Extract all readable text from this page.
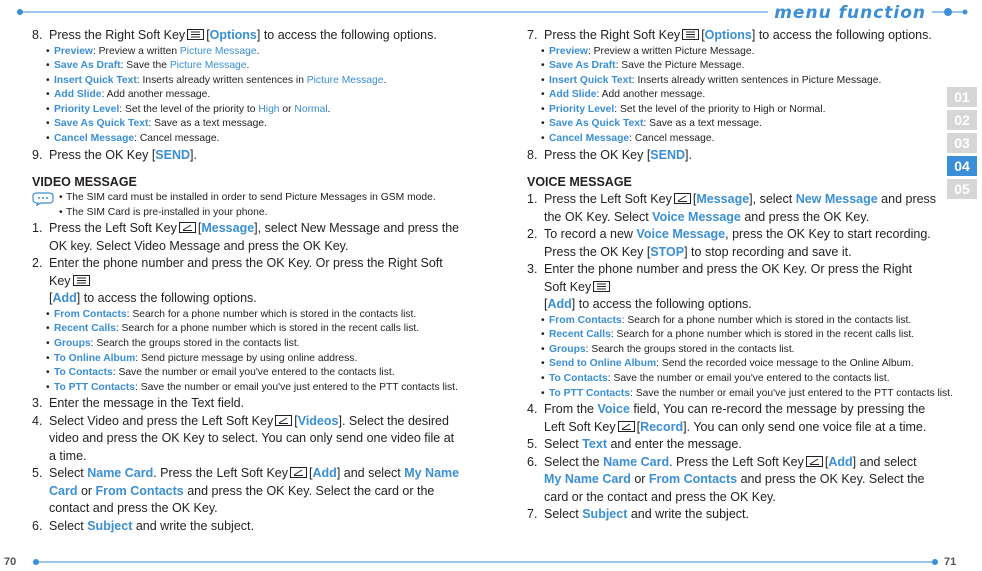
menu function
01
02
03
04
05
8. Press the Right Soft Key [Options] to access the following options.
• Preview: Preview a written Picture Message.
• Save As Draft: Save the Picture Message.
• Insert Quick Text: Inserts already written sentences in Picture Message.
• Add Slide: Add another message.
• Priority Level: Set the level of the priority to High or Normal.
• Save As Quick Text: Save as a text message.
• Cancel Message: Cancel message.
9. Press the OK Key [SEND].
VIDEO MESSAGE
• The SIM card must be installed in order to send Picture Messages in GSM mode.
• The SIM Card is pre-installed in your phone.
1. Press the Left Soft Key [Message], select New Message and press the OK key. Select Video Message and press the OK Key.
2. Enter the phone number and press the OK Key. Or press the Right Soft Key
[Add] to access the following options.
• From Contacts: Search for a phone number which is stored in the contacts list.
• Recent Calls: Search for a phone number which is stored in the recent calls list.
• Groups: Search the groups stored in the contacts list.
• To Online Album: Send picture message by using online address.
• To Contacts: Save the number or email you've entered to the contacts list.
• To PTT Contacts: Save the number or email you've just entered to the PTT contacts list.
3. Enter the message in the Text field.
4. Select Video and press the Left Soft Key [Videos]. Select the desired video and press the OK Key to select. You can only send one video file at a time.
5. Select Name Card. Press the Left Soft Key [Add] and select My Name Card or From Contacts and press the OK Key. Select the card or the contact and press the OK Key.
6. Select Subject and write the subject.
7. Press the Right Soft Key [Options] to access the following options.
• Preview: Preview a written Picture Message.
• Save As Draft: Save the Picture Message.
• Insert Quick Text: Inserts already written sentences in Picture Message.
• Add Slide: Add another message.
• Priority Level: Set the level of the priority to High or Normal.
• Save As Quick Text: Save as a text message.
• Cancel Message: Cancel message.
8. Press the OK Key [SEND].
VOICE MESSAGE
1. Press the Left Soft Key [Message], select New Message and press the OK Key. Select Voice Message and press the OK Key.
2. To record a new Voice Message, press the OK Key to start recording. Press the OK Key [STOP] to stop recording and save it.
3. Enter the phone number and press the OK Key. Or press the Right Soft Key
[Add] to access the following options.
• From Contacts: Search for a phone number which is stored in the contacts list.
• Recent Calls: Search for a phone number which is stored in the recent calls list.
• Groups: Search the groups stored in the contacts list.
• Send to Online Album: Send the recorded voice message to the Online Album.
• To Contacts: Save the number or email you've entered to the contacts list.
• To PTT Contacts: Save the number or email you've just entered to the PTT contacts list.
4. From the Voice field, You can re-record the message by pressing the Left Soft Key [Record]. You can only send one voice file at a time.
5. Select Text and enter the message.
6. Select the Name Card. Press the Left Soft Key [Add] and select My Name Card or From Contacts and press the OK Key. Select the card or the contact and press the OK Key.
7. Select Subject and write the subject.
70	71
